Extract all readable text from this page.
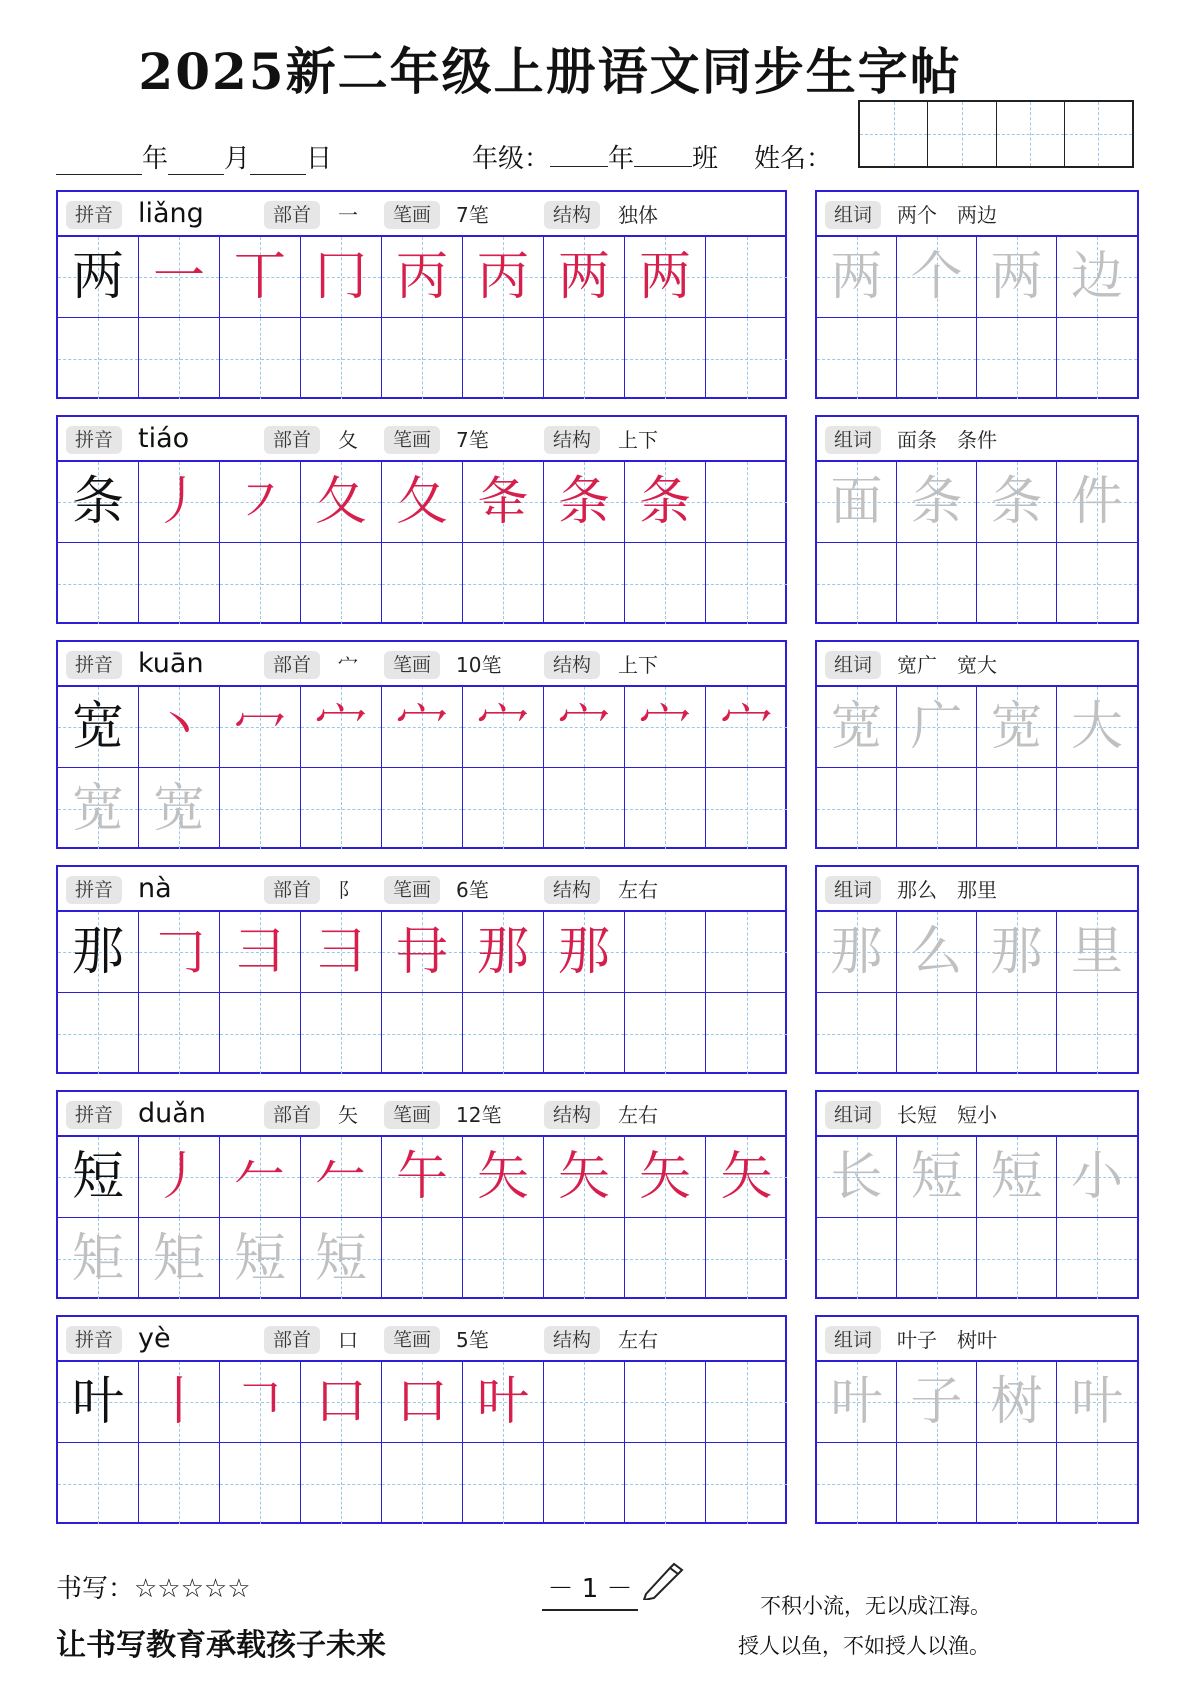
2025新二年级上册语文同步生字帖
年 月 日	年级： 年 班 姓名：
拼音 liǎng	部首	一	笔画	7笔	结构	独体
两 一 丅 冂 丙 丙 两 两
组词	两个　两边
两 个 两 边
拼音 tiáo	部首	夂	笔画	7笔	结构	上下
条 丿 ㇇ 夂 夂 夅 条 条
组词	面条　条件
面 条 条 件
拼音 kuān	部首	宀	笔画	10笔	结构	上下
宽 丶 冖 宀 宀 宀 宀 宀 宀
宽 宽
组词	宽广　宽大
宽 广 宽 大
拼音 nà	部首	阝	笔画	6笔	结构	左右
那 𠃌 彐 彐 冄 那 那
组词	那么　那里
那 么 那 里
拼音 duǎn	部首	矢	笔画	12笔	结构	左右
短 丿 𠂉 𠂉 午 矢 矢 矢 矢
矩 矩 短 短
组词	长短　短小
长 短 短 小
拼音 yè	部首	口	笔画	5笔	结构	左右
叶 丨 𠃍 口 口 叶
组词	叶子　树叶
叶 子 树 叶
书写：☆☆☆☆☆	－ 1 －
让书写教育承载孩子未来
不积小流，无以成江海。
授人以鱼，不如授人以渔。
